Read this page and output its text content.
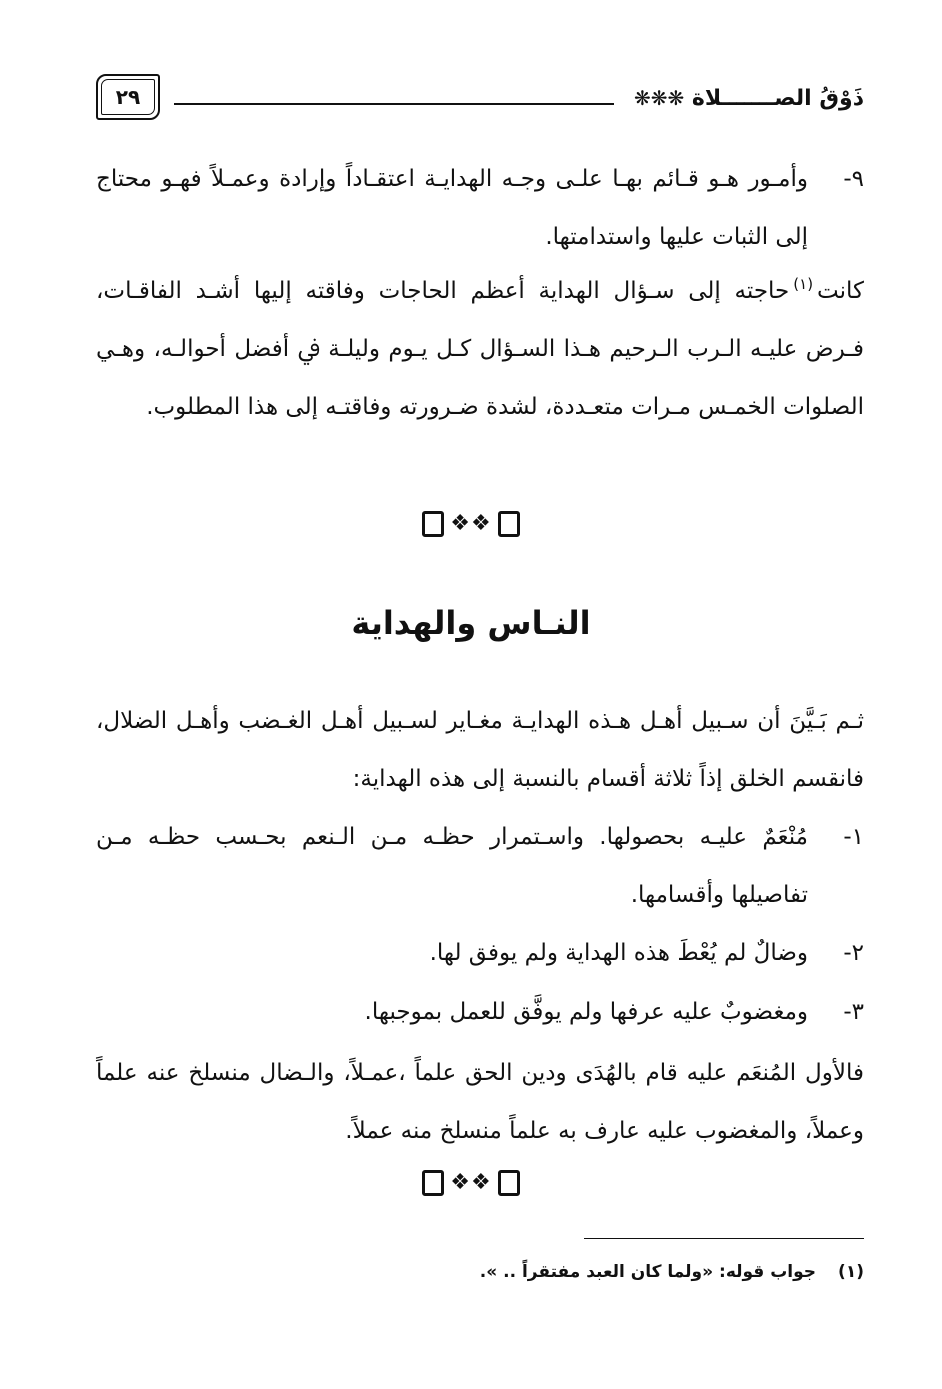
ذَوْقُ الصـــــــلاة ❋❋❋
٢٩
٩-
وأمـور هـو قـائم بهـا علـى وجـه الهدايـة اعتقـاداً وإرادة وعمـلاً فهـو محتاج إلى الثبات عليها واستدامتها.
كانت$^{(١)}$حاجته إلى سـؤال الهداية أعظم الحاجات وفاقته إليها أشـد الفاقـات، فـرض عليـه الـرب الـرحيم هـذا السـؤال كـل يـوم وليلـة ﰲ أفضل أحوالـه، وهـي الصلوات الخمـس مـرات متعـددة، لشدة ضـرورته وفاقتـه إلى هذا المطلوب.
❖❖
النـاس والهداية
ثـم بَـيَّنَ أن سـبيل أهـل هـذه الهدايـة مغـاير لسـبيل أهـل الغـضب وأهـل الضلال، فانقسم الخلق إذاً ثلاثة أقسام بالنسبة إلى هذه الهداية:
١-
مُنْعَمٌ عليـه بحصولها. واسـتمرار حظـه مـن الـنعم بحـسب حظـه مـن تفاصيلها وأقسامها.
٢-
وضالٌ لم يُعْطَ هذه الهداية ولم يوفق لها.
٣-
ومغضوبٌ عليه عرفها ولم يوفَّق للعمل بموجبها.
فالأول المُنعَم عليه قام بالهُدَى ودين الحق علماً ،عمـلاً، والـضال منسلخ عنه علماً وعملاً، والمغضوب عليه عارف به علماً منسلخ منه عملاً.
❖❖
(١)جواب قوله: «ولما كان العبد مفتقراً .. ».
